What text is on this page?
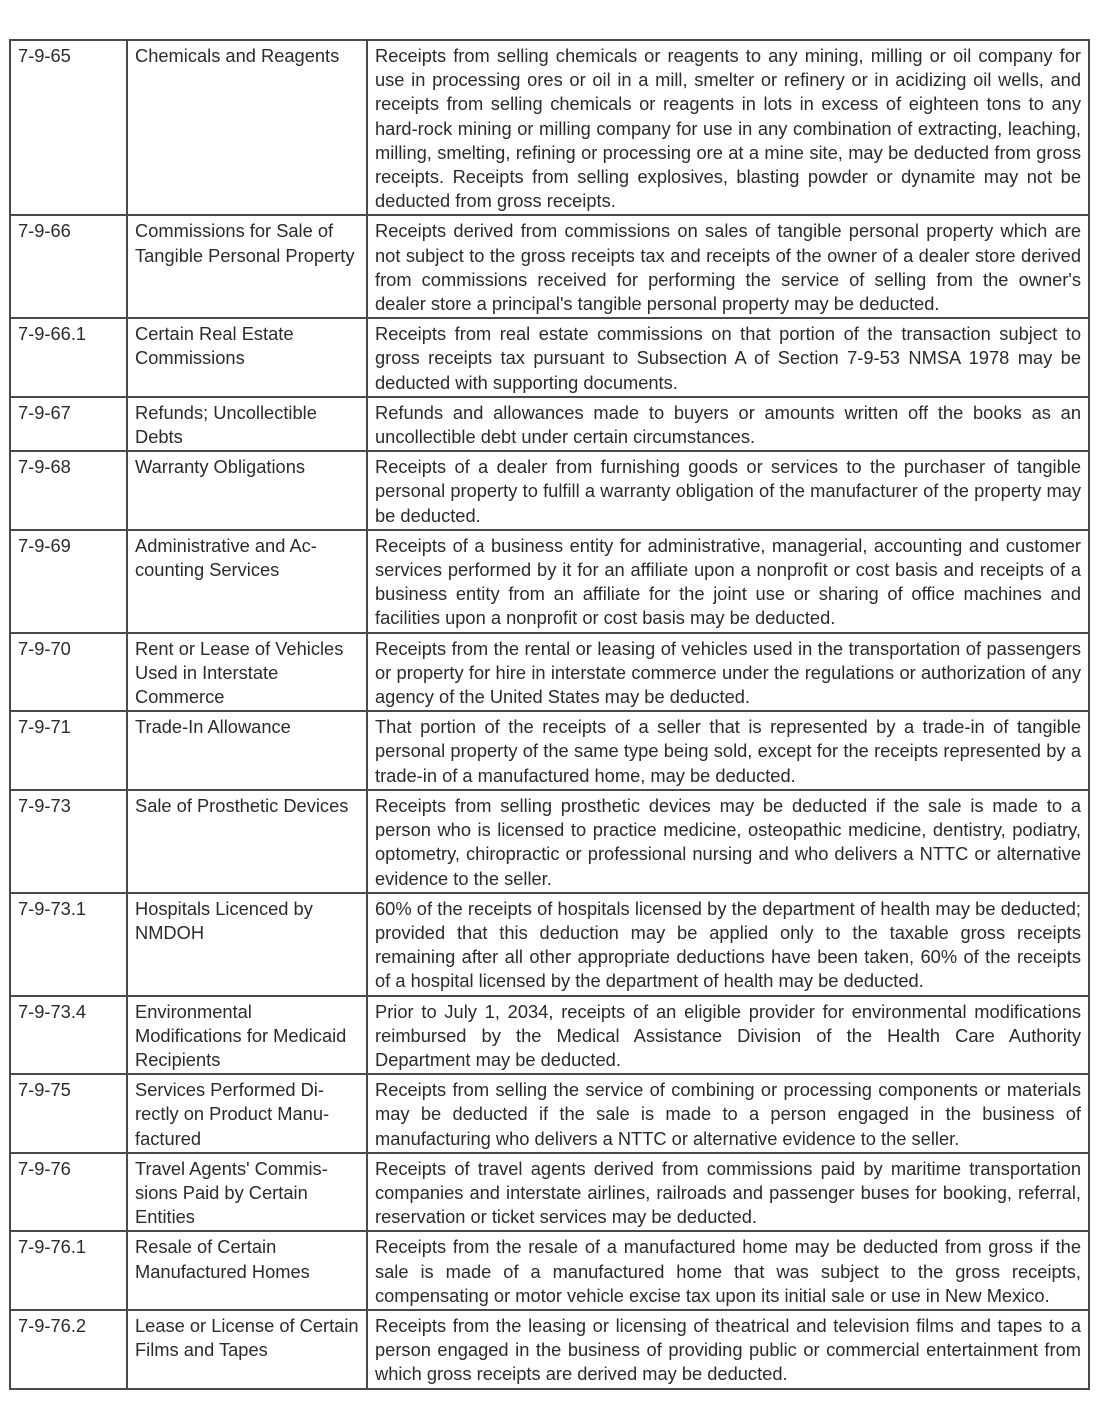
7-9-65	Chemicals and Reagents	Receipts from selling chemicals or reagents to any mining, milling or oil company for use in processing ores or oil in a mill, smelter or refinery or in acidizing oil wells, and receipts from selling chemicals or reagents in lots in excess of eighteen tons to any hard-rock mining or milling company for use in any combination of extracting, leaching, milling, smelting, refining or processing ore at a mine site, may be deducted from gross receipts. Receipts from selling explosives, blasting powder or dynamite may not be deducted from gross receipts.
7-9-66	Commissions for Sale of Tangible Personal Property	Receipts derived from commissions on sales of tangible personal property which are not subject to the gross receipts tax and receipts of the owner of a dealer store derived from commissions received for performing the service of selling from the owner's dealer store a principal's tangible personal property may be deducted.
7-9-66.1	Certain Real Estate Commissions	Receipts from real estate commissions on that portion of the transaction subject to gross receipts tax pursuant to Subsection A of Section 7-9-53 NMSA 1978 may be deducted with supporting documents.
7-9-67	Refunds; Uncollectible Debts	Refunds and allowances made to buyers or amounts written off the books as an uncollectible debt under certain circumstances.
7-9-68	Warranty Obligations	Receipts of a dealer from furnishing goods or services to the purchaser of tangible personal property to fulfill a warranty obligation of the manufacturer of the property may be deducted.
7-9-69	Administrative and Accounting Services	Receipts of a business entity for administrative, managerial, accounting and customer services performed by it for an affiliate upon a nonprofit or cost basis and receipts of a business entity from an affiliate for the joint use or sharing of office machines and facilities upon a nonprofit or cost basis may be deducted.
7-9-70	Rent or Lease of Vehicles Used in Interstate Commerce	Receipts from the rental or leasing of vehicles used in the transportation of passengers or property for hire in interstate commerce under the regulations or authorization of any agency of the United States may be deducted.
7-9-71	Trade-In Allowance	That portion of the receipts of a seller that is represented by a trade-in of tangible personal property of the same type being sold, except for the receipts represented by a trade-in of a manufactured home, may be deducted.
7-9-73	Sale of Prosthetic Devices	Receipts from selling prosthetic devices may be deducted if the sale is made to a person who is licensed to practice medicine, osteopathic medicine, dentistry, podiatry, optometry, chiropractic or professional nursing and who delivers a NTTC or alternative evidence to the seller.
7-9-73.1	Hospitals Licenced by NMDOH	60% of the receipts of hospitals licensed by the department of health may be deducted; provided that this deduction may be applied only to the taxable gross receipts remaining after all other appropriate deductions have been taken, 60% of the receipts of a hospital licensed by the department of health may be deducted.
7-9-73.4	Environmental Modifications for Medicaid Recipients	Prior to July 1, 2034, receipts of an eligible provider for environmental modifications reimbursed by the Medical Assistance Division of the Health Care Authority Department may be deducted.
7-9-75	Services Performed Directly on Product Manufactured	Receipts from selling the service of combining or processing components or materials may be deducted if the sale is made to a person engaged in the business of manufacturing who delivers a NTTC or alternative evidence to the seller.
7-9-76	Travel Agents' Commissions Paid by Certain Entities	Receipts of travel agents derived from commissions paid by maritime transportation companies and interstate airlines, railroads and passenger buses for booking, referral, reservation or ticket services may be deducted.
7-9-76.1	Resale of Certain Manufactured Homes	Receipts from the resale of a manufactured home may be deducted from gross if the sale is made of a manufactured home that was subject to the gross receipts, compensating or motor vehicle excise tax upon its initial sale or use in New Mexico.
7-9-76.2	Lease or License of Certain Films and Tapes	Receipts from the leasing or licensing of theatrical and television films and tapes to a person engaged in the business of providing public or commercial entertainment from which gross receipts are derived may be deducted.
